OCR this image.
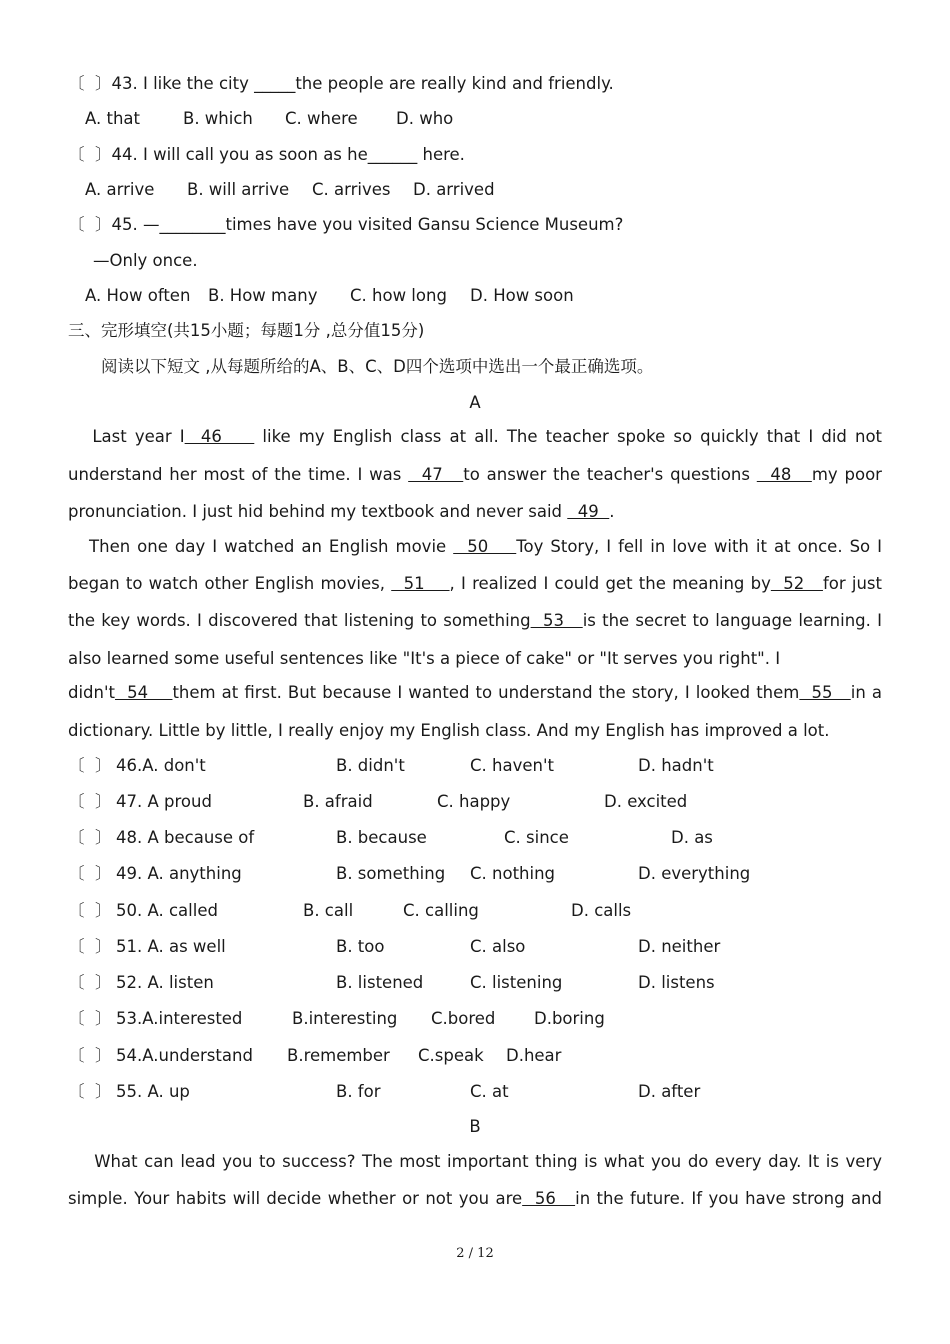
〔  〕43. I like the city _____the people are really kind and friendly.
A. that	B. which C. where D. who
〔  〕44. I will call you as soon as he______ here.
A. arrive B. will arrive C. arrives D. arrived
〔  〕45. —________times have you visited Gansu Science Museum?
—Only once.
A. How often B. How many C. how long D. How soon
三、完形填空(共15小题；每题1分 ,总分值15分)
阅读以下短文 ,从每题所给的A、B、C、D四个选项中选出一个最正确选项。
A
Last year I  46     like my English class at all. The teacher spoke so quickly that I did not
understand her most of the time. I was   47   to answer the teacher's questions   48   my poor
pronunciation. I just hid behind my textbook and never said   49  .
Then one day I watched an English movie   50    Toy Story, I fell in love with it at once. So I
began to watch other English movies,   51    , I realized I could get the meaning by  52   for just
the key words. I discovered that listening to something  53   is the secret to language learning. I
also learned some useful sentences like "It's a piece of cake" or "It serves you right". I
didn't  54    them at first. But because I wanted to understand the story, I looked them  55   in a
dictionary. Little by little, I really enjoy my English class. And my English has improved a lot.
〔  〕 46.A. don't	B. didn't	C. haven't	D. hadn't
〔  〕 47. A proud	B. afraid	C. happy	D. excited
〔  〕 48. A because of	B. because	C. since	D. as
〔  〕 49. A. anything	B. something C. nothing	D. everything
〔  〕 50. A. called	B. call	C. calling	D. calls
〔  〕 51. A. as well	B. too	C. also	D. neither
〔  〕 52. A. listen	B. listened	C. listening	D. listens
〔  〕 53.A.interested	B.interesting C.bored D.boring
〔  〕 54.A.understand B.remember C.speak D.hear
〔  〕 55. A. up	B. for	C. at	D. after
B
What can lead you to success? The most important thing is what you do every day. It is very
simple. Your habits will decide whether or not you are  56   in the future. If you have strong and
2 / 12
